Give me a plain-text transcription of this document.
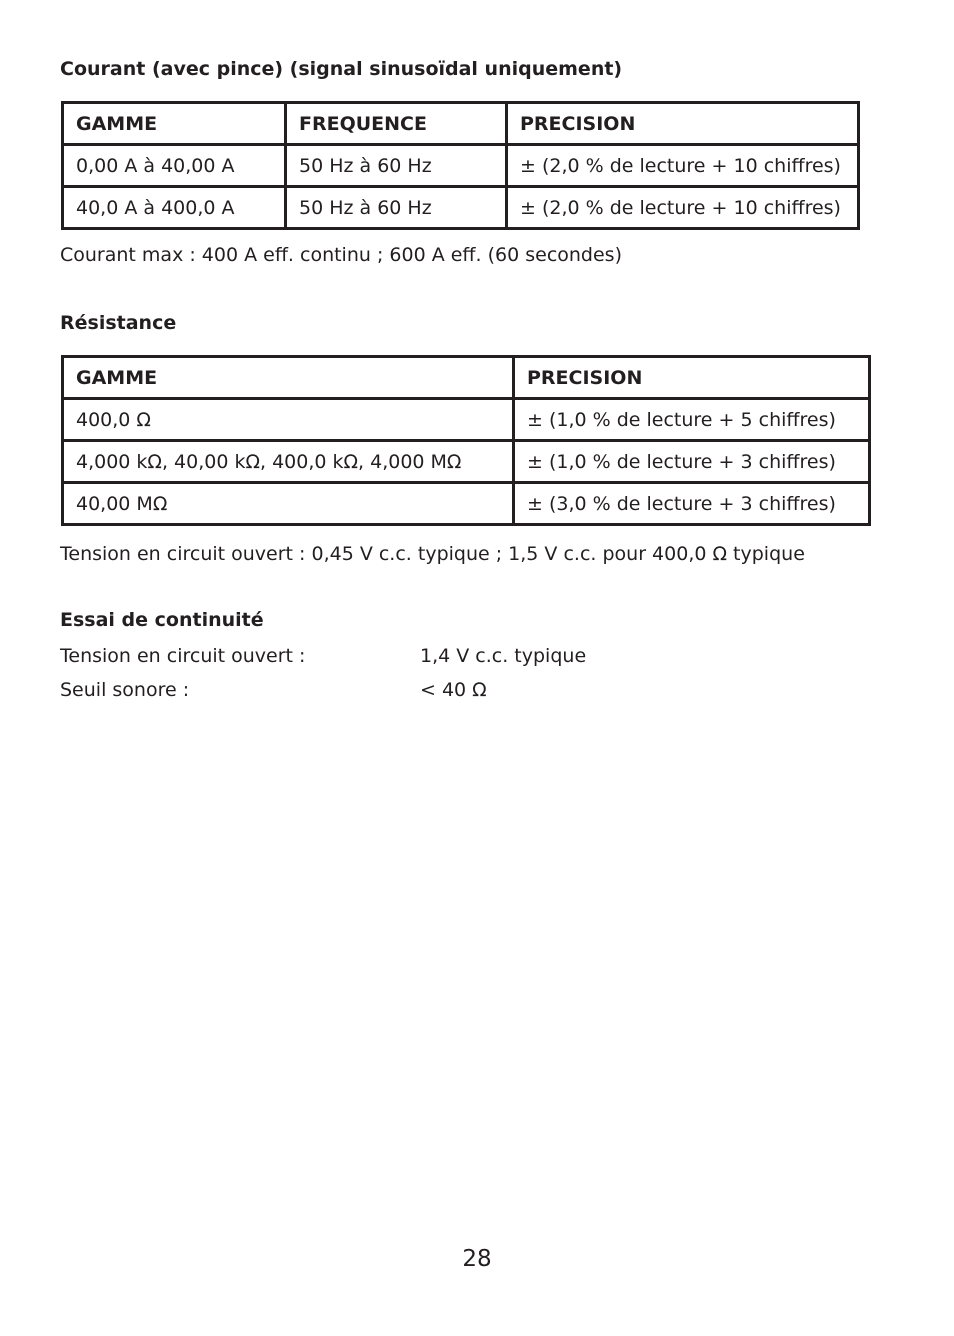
Courant (avec pince) (signal sinusoïdal uniquement)

GAMME	FREQUENCE	PRECISION
0,00 A à 40,00 A	50 Hz à 60 Hz	± (2,0 % de lecture + 10 chiffres)
40,0 A à 400,0 A	50 Hz à 60 Hz	± (2,0 % de lecture + 10 chiffres)

Courant max : 400 A eff. continu ; 600 A eff. (60 secondes)

Résistance

GAMME	PRECISION
400,0 Ω	± (1,0 % de lecture + 5 chiffres)
4,000 kΩ, 40,00 kΩ, 400,0 kΩ, 4,000 MΩ	± (1,0 % de lecture + 3 chiffres)
40,00 MΩ	± (3,0 % de lecture + 3 chiffres)

Tension en circuit ouvert : 0,45 V c.c. typique ; 1,5 V c.c. pour 400,0 Ω typique

Essai de continuité

Tension en circuit ouvert :	1,4 V c.c. typique

Seuil sonore :	< 40 Ω

28
